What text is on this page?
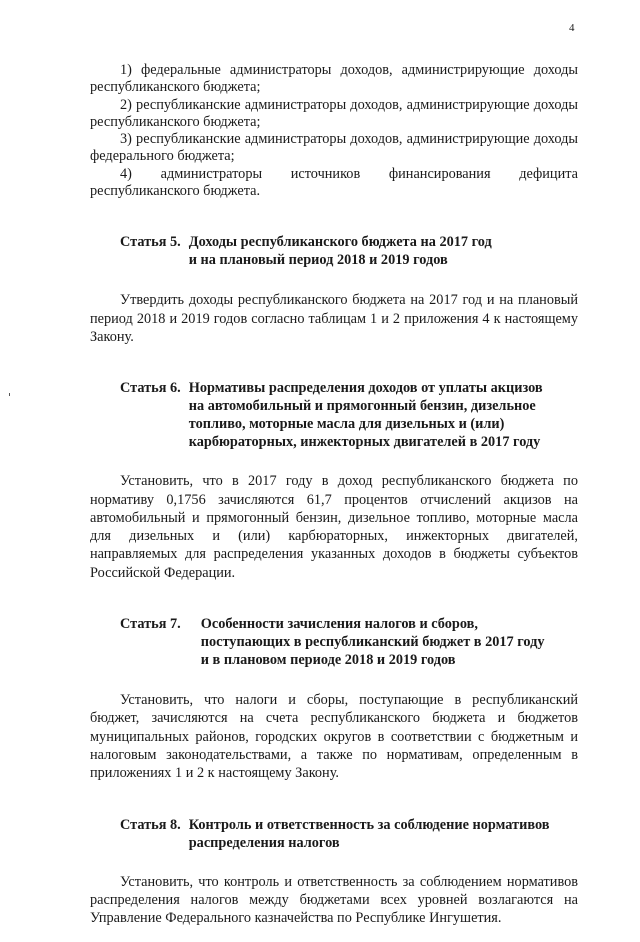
4

1) федеральные администраторы доходов, администрирующие доходы республиканского бюджета;

2) республиканские администраторы доходов, администрирующие доходы республиканского бюджета;

3) республиканские администраторы доходов, администрирующие доходы федерального бюджета;

4) администраторы источников финансирования дефицита республиканского бюджета.

Статья 5. Доходы республиканского бюджета на 2017 год
и на плановый период 2018 и 2019 годов

Утвердить доходы республиканского бюджета на 2017 год и на плановый период 2018 и 2019 годов согласно таблицам 1 и 2 приложения 4 к настоящему Закону.

Статья 6. Нормативы распределения доходов от уплаты акцизов
на автомобильный и прямогонный бензин, дизельное
топливо, моторные масла для дизельных и (или)
карбюраторных, инжекторных двигателей в 2017 году

Установить, что в 2017 году в доход республиканского бюджета по нормативу 0,1756 зачисляются 61,7 процентов отчислений акцизов на автомобильный и прямогонный бензин, дизельное топливо, моторные масла для дизельных и (или) карбюраторных, инжекторных двигателей, направляемых для распределения указанных доходов в бюджеты субъектов Российской Федерации.

Статья 7. Особенности зачисления налогов и сборов,
поступающих в республиканский бюджет в 2017 году
и в плановом периоде 2018 и 2019 годов

Установить, что налоги и сборы, поступающие в республиканский бюджет, зачисляются на счета республиканского бюджета и бюджетов муниципальных районов, городских округов в соответствии с бюджетным и налоговым законодательствами, а также по нормативам, определенным в приложениях 1 и 2 к настоящему Закону.

Статья 8. Контроль и ответственность за соблюдение нормативов
распределения налогов

Установить, что контроль и ответственность за соблюдением нормативов распределения налогов между бюджетами всех уровней возлагаются на Управление Федерального казначейства по Республике Ингушетия.
